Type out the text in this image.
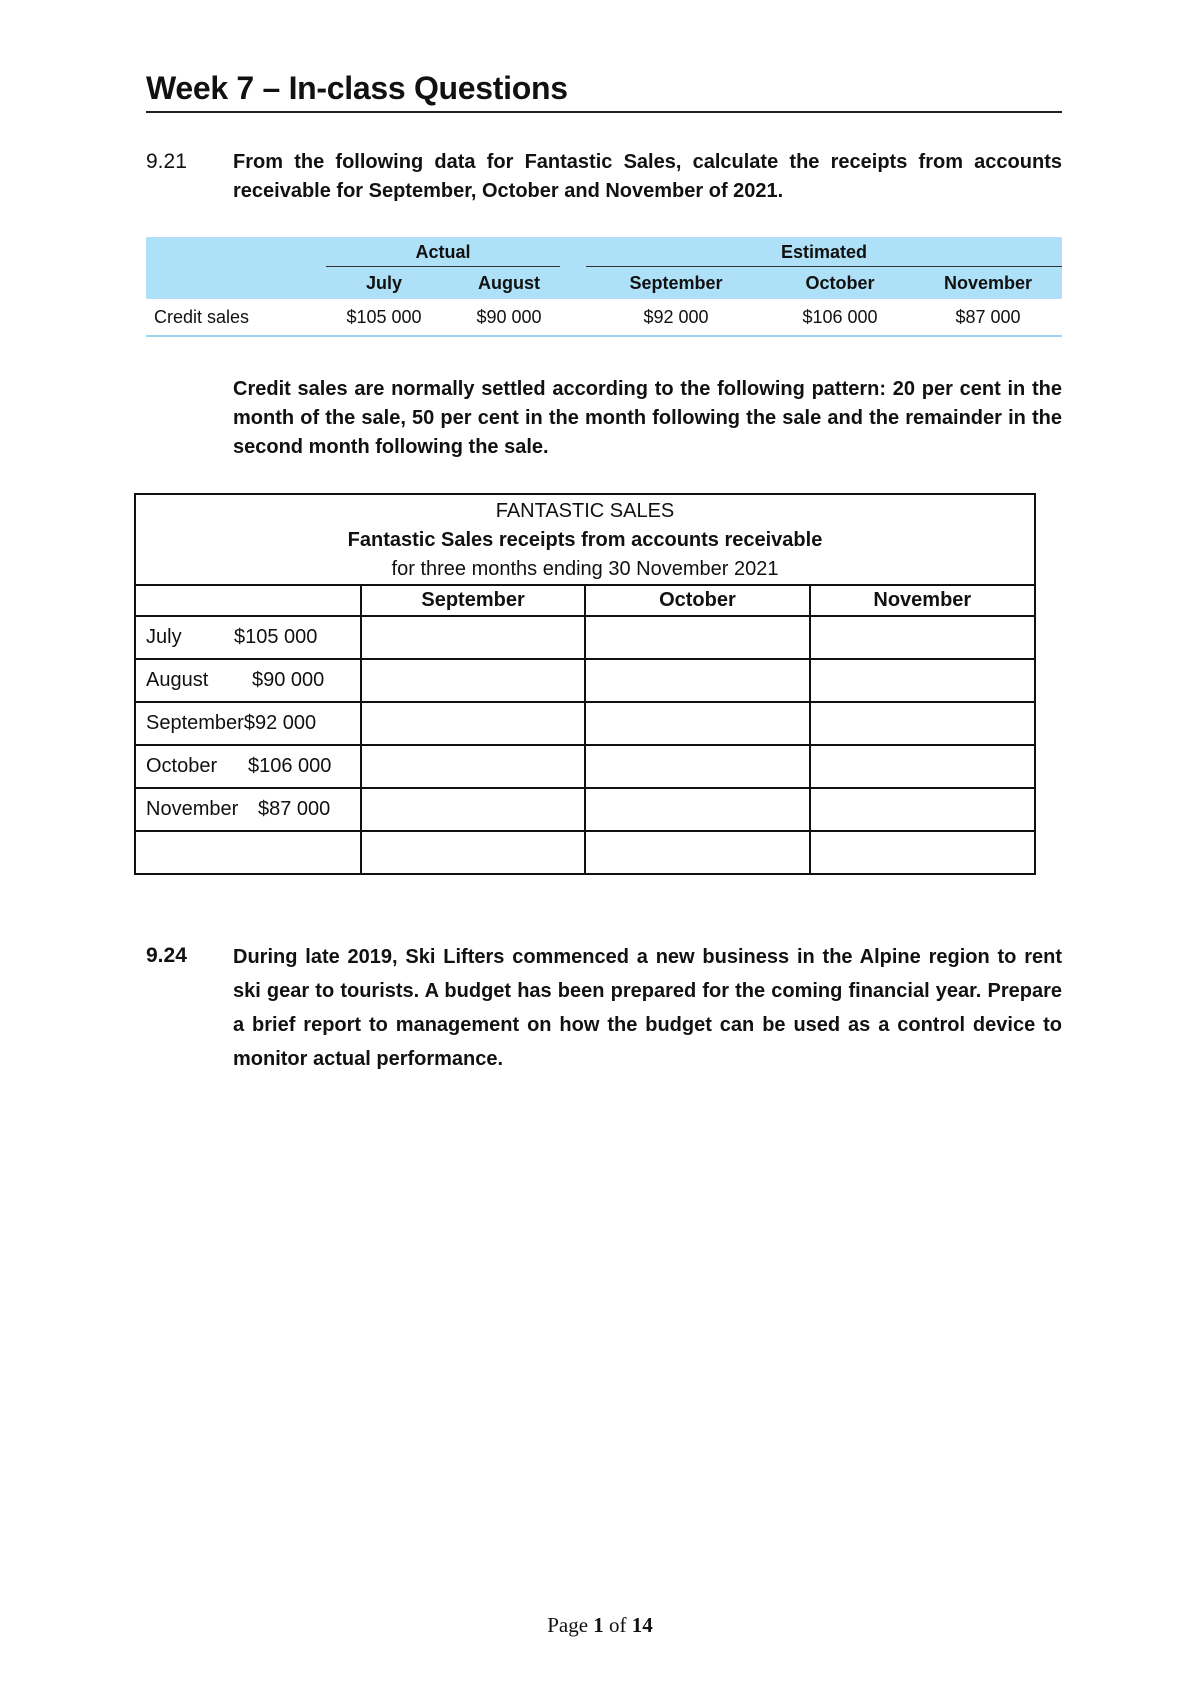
Week 7 – In-class Questions
9.21 From the following data for Fantastic Sales, calculate the receipts from accounts receivable for September, October and November of 2021.

	Actual			Estimated		

	July	August		September	October	November
Credit sales	$105 000	$90 000		$92 000	$106 000	$87 000
Credit sales are normally settled according to the following pattern: 20 per cent in the month of the sale, 50 per cent in the month following the sale and the remainder in the second month following the sale.
FANTASTIC SALES
Fantastic Sales receipts from accounts receivable
for three months ending 30 November 2021			

	September	October	November
July $105 000			
August $90 000			
September$92 000			
October $106 000			
November $87 000			

9.24 During late 2019, Ski Lifters commenced a new business in the Alpine region to rent ski gear to tourists. A budget has been prepared for the coming financial year. Prepare a brief report to management on how the budget can be used as a control device to monitor actual performance.
Page 1 of 14
